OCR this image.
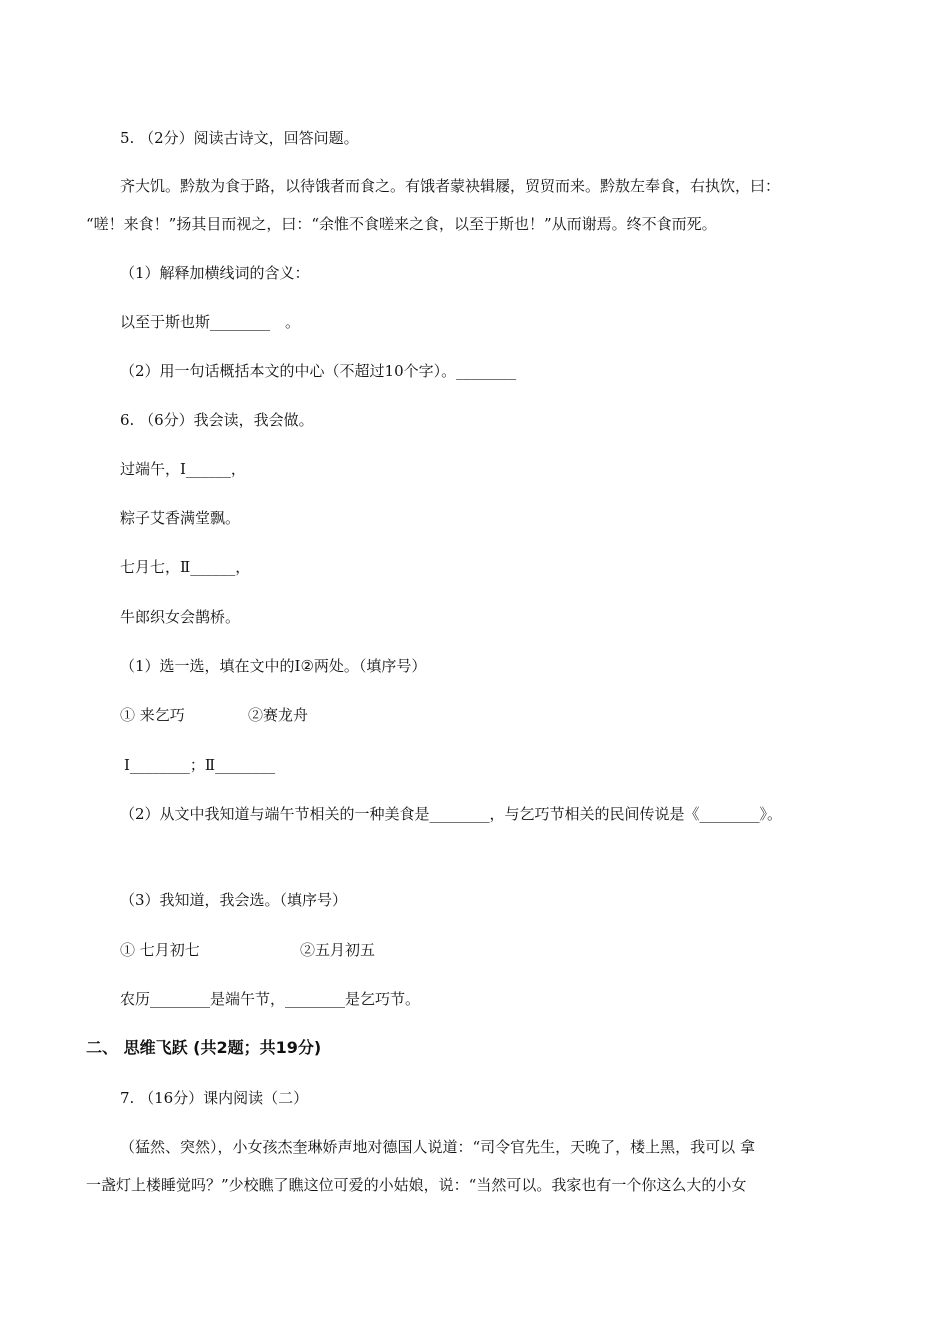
5. （2分）阅读古诗文，回答问题。
齐大饥。黔敖为食于路，以待饿者而食之。有饿者蒙袂辑屦，贸贸而来。黔敖左奉食，右执饮，曰：
“嗟！来食！”扬其目而视之，曰：“余惟不食嗟来之食，以至于斯也！”从而谢焉。终不食而死。
（1）解释加横线词的含义：
以至于斯也斯________　。
（2）用一句话概括本文的中心（不超过10个字）。________
6. （6分）我会读，我会做。
过端午，Ⅰ______，
粽子艾香满堂飘。
七月七，Ⅱ______，
牛郎织女会鹊桥。
（1）选一选，填在文中的Ⅰ②两处。（填序号）
① 来乞巧	②赛龙舟
Ⅰ________；Ⅱ________
（2）从文中我知道与端午节相关的一种美食是________，与乞巧节相关的民间传说是《________》。
（3）我知道，我会选。（填序号）
① 七月初七	②五月初五
农历________是端午节，________是乞巧节。
二、 思维飞跃 (共2题；共19分)
7. （16分）课内阅读（二）
（猛然、突然），小女孩杰奎琳娇声地对德国人说道：“司令官先生，天晚了，楼上黑，我可以 拿
一盏灯上楼睡觉吗？”少校瞧了瞧这位可爱的小姑娘，说：“当然可以。我家也有一个你这么大的小女
